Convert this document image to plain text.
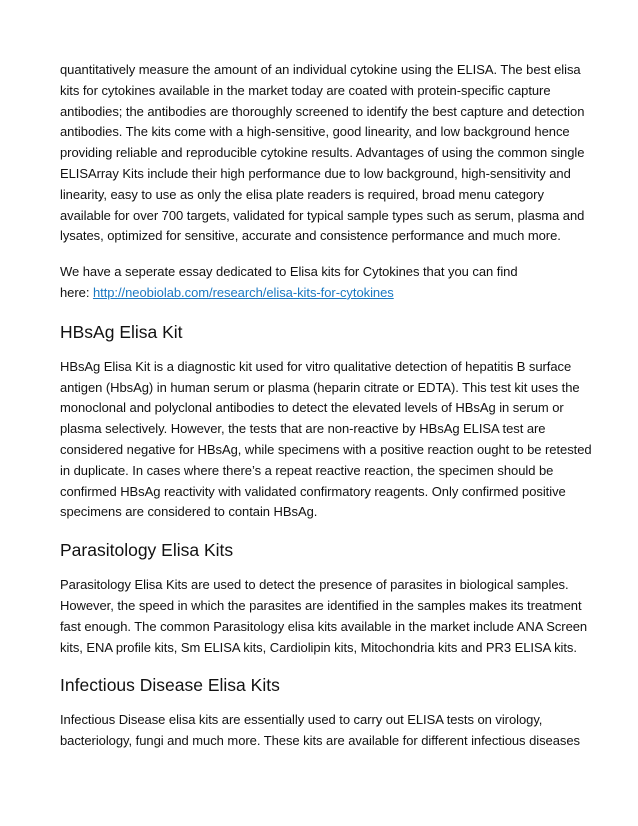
quantitatively measure the amount of an individual cytokine using the ELISA. The best elisa
kits for cytokines available in the market today are coated with protein-specific capture
antibodies; the antibodies are thoroughly screened to identify the best capture and detection
antibodies. The kits come with a high-sensitive, good linearity, and low background hence
providing reliable and reproducible cytokine results. Advantages of using the common single
ELISArray Kits include their high performance due to low background, high-sensitivity and
linearity, easy to use as only the elisa plate readers is required, broad menu category
available for over 700 targets, validated for typical sample types such as serum, plasma and
lysates, optimized for sensitive, accurate and consistence performance and much more.

We have a seperate essay dedicated to Elisa kits for Cytokines that you can find
here: http://neobiolab.com/research/elisa-kits-for-cytokines

HBsAg Elisa Kit

HBsAg Elisa Kit is a diagnostic kit used for vitro qualitative detection of hepatitis B surface
antigen (HbsAg) in human serum or plasma (heparin citrate or EDTA). This test kit uses the
monoclonal and polyclonal antibodies to detect the elevated levels of HBsAg in serum or
plasma selectively. However, the tests that are non-reactive by HBsAg ELISA test are
considered negative for HBsAg, while specimens with a positive reaction ought to be retested
in duplicate. In cases where there’s a repeat reactive reaction, the specimen should be
confirmed HBsAg reactivity with validated confirmatory reagents. Only confirmed positive
specimens are considered to contain HBsAg.

Parasitology Elisa Kits

Parasitology Elisa Kits are used to detect the presence of parasites in biological samples.
However, the speed in which the parasites are identified in the samples makes its treatment
fast enough. The common Parasitology elisa kits available in the market include ANA Screen
kits, ENA profile kits, Sm ELISA kits, Cardiolipin kits, Mitochondria kits and PR3 ELISA kits.

Infectious Disease Elisa Kits

Infectious Disease elisa kits are essentially used to carry out ELISA tests on virology,
bacteriology, fungi and much more. These kits are available for different infectious diseases
